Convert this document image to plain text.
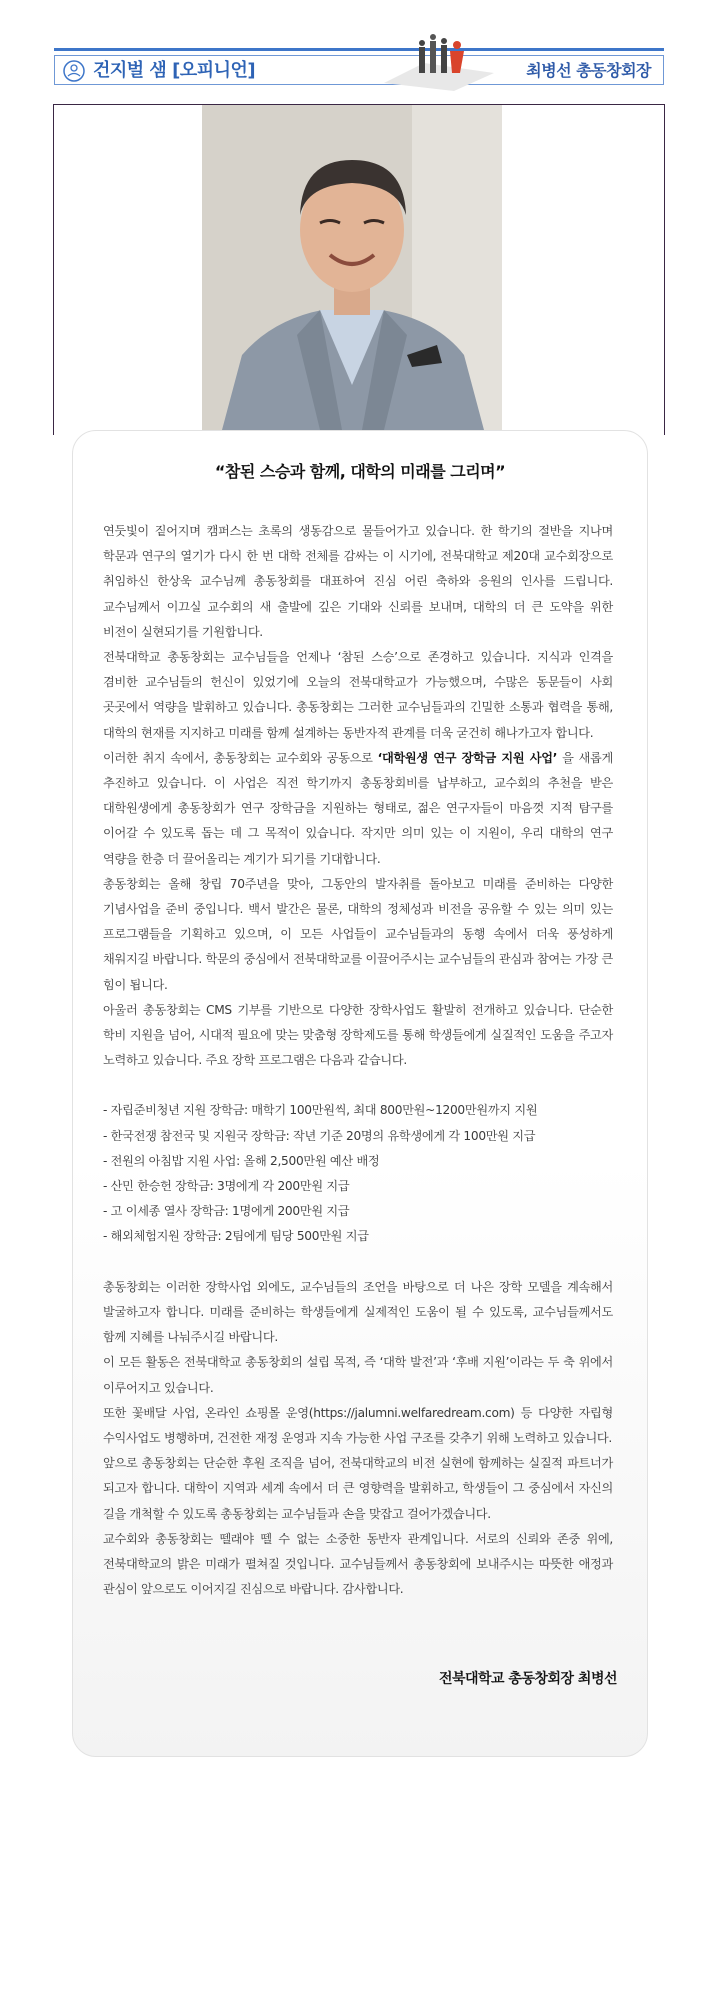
건지벌 샘 [오피니언]	최병선 총동창회장
“참된 스승과 함께, 대학의 미래를 그리며”

연둣빛이 짙어지며 캠퍼스는 초록의 생동감으로 물들어가고 있습니다. 한 학기의 절반을 지나며 학문과 연구의 열기가 다시 한 번 대학 전체를 감싸는 이 시기에, 전북대학교 제20대 교수회장으로 취임하신 한상욱 교수님께 총동창회를 대표하여 진심 어린 축하와 응원의 인사를 드립니다. 교수님께서 이끄실 교수회의 새 출발에 깊은 기대와 신뢰를 보내며, 대학의 더 큰 도약을 위한 비전이 실현되기를 기원합니다.

전북대학교 총동창회는 교수님들을 언제나 ‘참된 스승’으로 존경하고 있습니다. 지식과 인격을 겸비한 교수님들의 헌신이 있었기에 오늘의 전북대학교가 가능했으며, 수많은 동문들이 사회 곳곳에서 역량을 발휘하고 있습니다. 총동창회는 그러한 교수님들과의 긴밀한 소통과 협력을 통해, 대학의 현재를 지지하고 미래를 함께 설계하는 동반자적 관계를 더욱 굳건히 해나가고자 합니다.

이러한 취지 속에서, 총동창회는 교수회와 공동으로 ‘대학원생 연구 장학금 지원 사업’ 을 새롭게 추진하고 있습니다. 이 사업은 직전 학기까지 총동창회비를 납부하고, 교수회의 추천을 받은 대학원생에게 총동창회가 연구 장학금을 지원하는 형태로, 젊은 연구자들이 마음껏 지적 탐구를 이어갈 수 있도록 돕는 데 그 목적이 있습니다. 작지만 의미 있는 이 지원이, 우리 대학의 연구 역량을 한층 더 끌어올리는 계기가 되기를 기대합니다.

총동창회는 올해 창립 70주년을 맞아, 그동안의 발자취를 돌아보고 미래를 준비하는 다양한 기념사업을 준비 중입니다. 백서 발간은 물론, 대학의 정체성과 비전을 공유할 수 있는 의미 있는 프로그램들을 기획하고 있으며, 이 모든 사업들이 교수님들과의 동행 속에서 더욱 풍성하게 채워지길 바랍니다. 학문의 중심에서 전북대학교를 이끌어주시는 교수님들의 관심과 참여는 가장 큰 힘이 됩니다.

아울러 총동창회는 CMS 기부를 기반으로 다양한 장학사업도 활발히 전개하고 있습니다. 단순한 학비 지원을 넘어, 시대적 필요에 맞는 맞춤형 장학제도를 통해 학생들에게 실질적인 도움을 주고자 노력하고 있습니다. 주요 장학 프로그램은 다음과 같습니다.

- 자립준비청년 지원 장학금: 매학기 100만원씩, 최대 800만원~1200만원까지 지원

- 한국전쟁 참전국 및 지원국 장학금: 작년 기준 20명의 유학생에게 각 100만원 지급

- 전원의 아침밥 지원 사업: 올해 2,500만원 예산 배정

- 산민 한승헌 장학금: 3명에게 각 200만원 지급

- 고 이세종 열사 장학금: 1명에게 200만원 지급

- 해외체험지원 장학금: 2팀에게 팀당 500만원 지급

총동창회는 이러한 장학사업 외에도, 교수님들의 조언을 바탕으로 더 나은 장학 모델을 계속해서 발굴하고자 합니다. 미래를 준비하는 학생들에게 실제적인 도움이 될 수 있도록, 교수님들께서도 함께 지혜를 나눠주시길 바랍니다.

이 모든 활동은 전북대학교 총동창회의 설립 목적, 즉 ‘대학 발전’과 ‘후배 지원’이라는 두 축 위에서 이루어지고 있습니다.

또한 꽃배달 사업, 온라인 쇼핑몰 운영(https://jalumni.welfaredream.com) 등 다양한 자립형 수익사업도 병행하며, 건전한 재정 운영과 지속 가능한 사업 구조를 갖추기 위해 노력하고 있습니다.

앞으로 총동창회는 단순한 후원 조직을 넘어, 전북대학교의 비전 실현에 함께하는 실질적 파트너가 되고자 합니다. 대학이 지역과 세계 속에서 더 큰 영향력을 발휘하고, 학생들이 그 중심에서 자신의 길을 개척할 수 있도록 총동창회는 교수님들과 손을 맞잡고 걸어가겠습니다.

교수회와 총동창회는 뗄래야 뗄 수 없는 소중한 동반자 관계입니다. 서로의 신뢰와 존중 위에, 전북대학교의 밝은 미래가 펼쳐질 것입니다. 교수님들께서 총동창회에 보내주시는 따뜻한 애정과 관심이 앞으로도 이어지길 진심으로 바랍니다. 감사합니다.

전북대학교 총동창회장 최병선
